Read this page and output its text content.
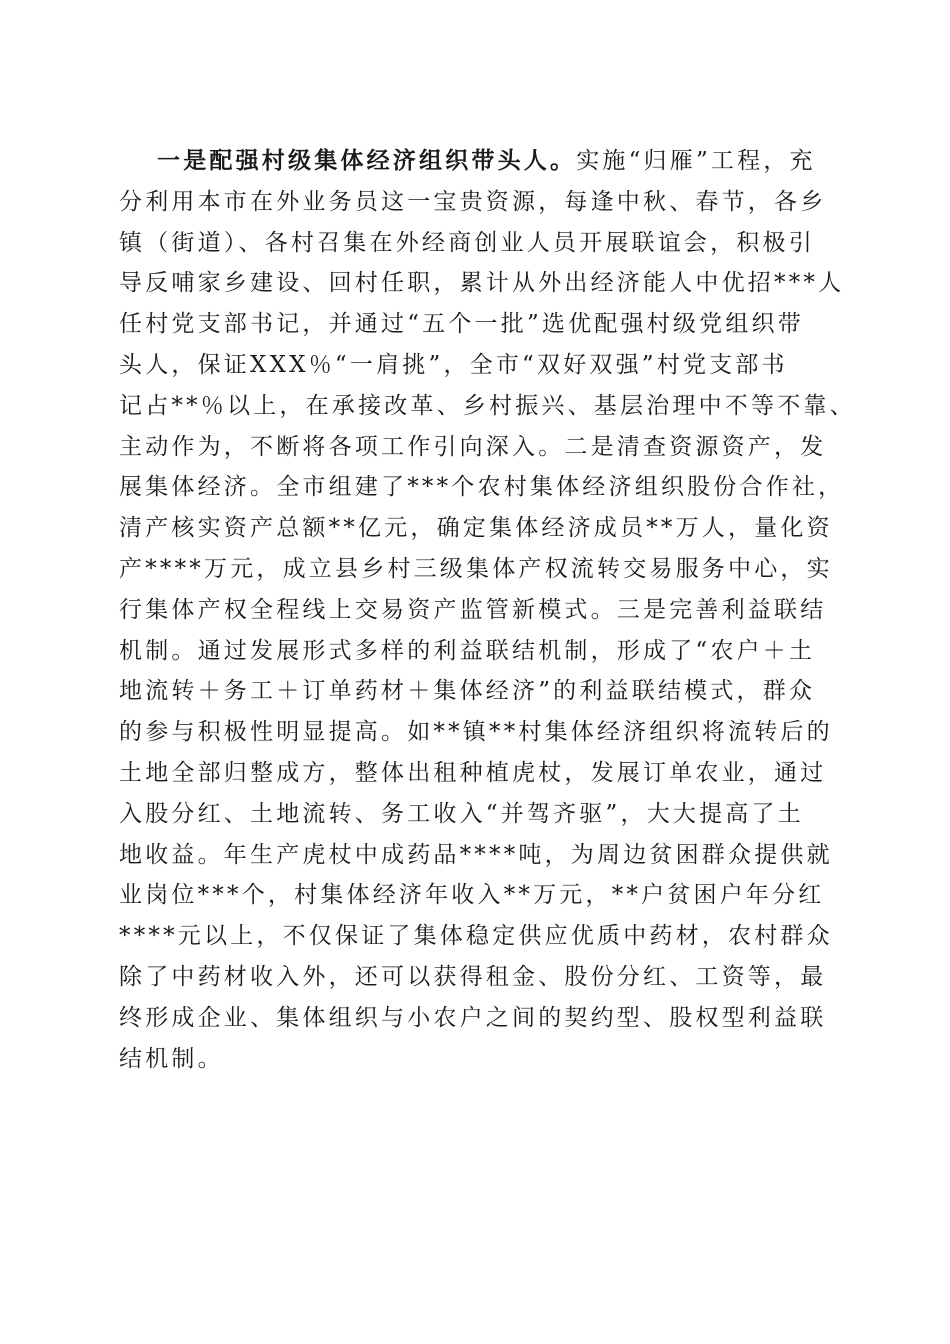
一是配强村级集体经济组织带头人。实施“归雁”工程，充
分利用本市在外业务员这一宝贵资源，每逢中秋、春节，各乡
镇（街道）、各村召集在外经商创业人员开展联谊会，积极引
导反哺家乡建设、回村任职，累计从外出经济能人中优招***人
任村党支部书记，并通过“五个一批”选优配强村级党组织带
头人，保证XXX％“一肩挑”，全市“双好双强”村党支部书
记占**％以上，在承接改革、乡村振兴、基层治理中不等不靠、
主动作为，不断将各项工作引向深入。二是清查资源资产，发
展集体经济。全市组建了***个农村集体经济组织股份合作社，
清产核实资产总额**亿元，确定集体经济成员**万人，量化资
产****万元，成立县乡村三级集体产权流转交易服务中心，实
行集体产权全程线上交易资产监管新模式。三是完善利益联结
机制。通过发展形式多样的利益联结机制，形成了“农户＋土
地流转＋务工＋订单药材＋集体经济”的利益联结模式，群众
的参与积极性明显提高。如**镇**村集体经济组织将流转后的
土地全部归整成方，整体出租种植虎杖，发展订单农业，通过
入股分红、土地流转、务工收入“并驾齐驱”，大大提高了土
地收益。年生产虎杖中成药品****吨，为周边贫困群众提供就
业岗位***个，村集体经济年收入**万元，**户贫困户年分红
****元以上，不仅保证了集体稳定供应优质中药材，农村群众
除了中药材收入外，还可以获得租金、股份分红、工资等，最
终形成企业、集体组织与小农户之间的契约型、股权型利益联
结机制。
